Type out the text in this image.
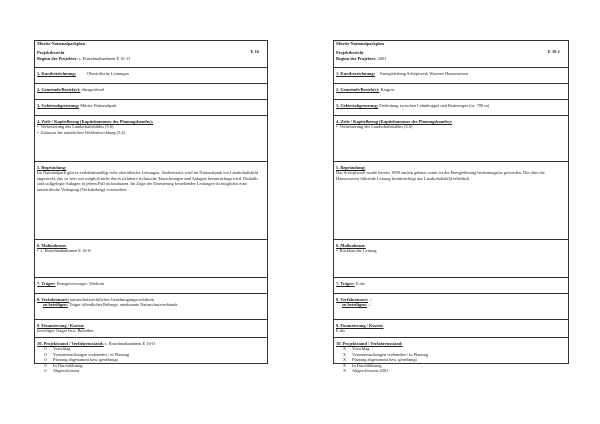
Müritz-Nationalparkplan
E 16
Projektbericht
Beginn des Projektes: s. Einzelmaßnahmen E 16 -ff
1. Kurzbezeichnung:	Oberirdische Leitungen
2. Gemeinde/Bezirk(e): übergreifend
3. Gebietsabgrenzung: Müritz-Nationalpark
4. Ziele / Kapitelbezug (Kapitelnummer des Planungsbandes):
• Verbesserung des Landschaftsbildes (5.6)
• Zulassen der natürlichen Waldentwicklung (5.4)
5. Begründung:
Im Nationalpark gibt es verhältnismäßig viele oberirdische Leitungen. Andererseits wird im Nationalpark ein Landschaftsbild angestrebt, das so weit wie möglich nicht durch sichtbare technische Einrichtungen und Anlagen beeinträchtigt wird. Deshalb sind stillgelegte Anlagen in jedem Fall rückzubauen. Im Zuge der Erneuerung bestehender Leitungen ist möglichst eine unterirdische Verlegung (Verkabelung) vorzusehen.
6. Maßnahmen:
• s. Einzelmaßnahmen E 16-ff
7. Träger: Energieversorger, Telekom
8. Verfahrensart: naturschutzrechtliches Genehmigungsverfahren
zu beteiligen: Träger öffentlicher Belange, anerkannte Naturschutzverbände
9. Finanzierung / Kosten:
jeweiliger Träger bzw. Betreiber
10. Projektstand / Verfahrensstand: s. Einzelmaßnahmen E 16-ff
0	Vorschlag
0	Voruntersuchungen vorhanden / in Planung
0	Planung abgestimmt bzw. genehmigt
0	In Durchführung
0	Abgeschlossen
Müritz-Nationalparkplan
E 16-1
Projektbericht
Beginn des Projektes: 2001
1. Kurzbezeichnung: Energieleitung Schöpfwerk Warener Hausewiesen
2. Gemeinde/Bezirk(e): Kargow
3. Gebietsabgrenzung: Freileitung zwischen Lehmkoppel und Radeweges (ca. 700 m)
4. Ziele / Kapitelbezug (Kapitelnummer des Planungsbandes):
• Verbesserung des Landschaftsbildes (5.6)
5. Begründung:
Das Schöpfwerk wurde bereits 1999 zurück gebaut, somit ist die Energieleitung bedeutungslos geworden. Die über die Hausewiesen führende Leitung beeinträchtigt das Landschaftsbild erheblich.
6. Maßnahmen:
• Rückbau der Leitung
7. Träger: E.dis
8. Verfahrensart: ./.
zu beteiligen: ./.
9. Finanzierung / Kosten:
E.dis
10. Projektstand / Verfahrensstand:
X Vorschlag
X Voruntersuchungen vorhanden / in Planung
X Planung abgestimmt bzw. genehmigt
X In Durchführung
X Abgeschlossen 2001
